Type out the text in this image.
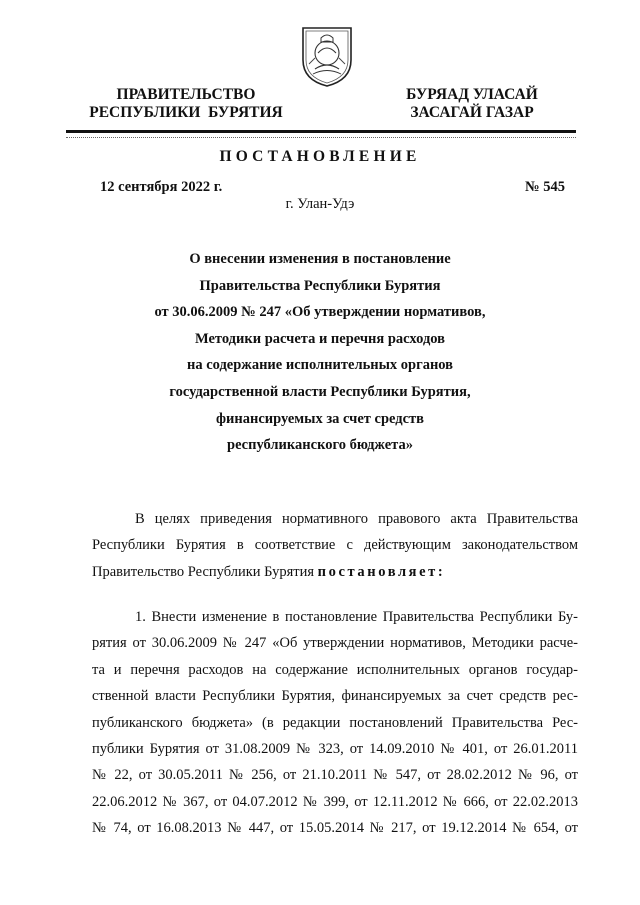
ПРАВИТЕЛЬСТВО
РЕСПУБЛИКИ  БУРЯТИЯ
БУРЯАД УЛАСАЙ
ЗАСАГАЙ ГАЗАР
ПОСТАНОВЛЕНИЕ
12 сентября 2022 г.	№ 545
г. Улан-Удэ
О внесении изменения в постановление
Правительства Республики Бурятия
от 30.06.2009 № 247 «Об утверждении нормативов,
Методики расчета и перечня расходов
на содержание исполнительных органов
государственной власти Республики Бурятия,
финансируемых за счет средств
республиканского бюджета»
В целях приведения нормативного правового акта Правительства
Республики Бурятия в соответствие с действующим законодательством
Правительство Республики Бурятия постановляет:
1. Внести изменение в постановление Правительства Республики Бу-
рятия от 30.06.2009 № 247 «Об утверждении нормативов, Методики расче-
та и перечня расходов на содержание исполнительных органов государ-
ственной власти Республики Бурятия, финансируемых за счет средств рес-
публиканского бюджета» (в редакции постановлений Правительства Рес-
публики Бурятия от 31.08.2009 № 323, от 14.09.2010 № 401, от 26.01.2011
№ 22, от 30.05.2011 № 256, от 21.10.2011 № 547, от 28.02.2012 № 96, от
22.06.2012 № 367, от 04.07.2012 № 399, от 12.11.2012 № 666, от 22.02.2013
№ 74, от 16.08.2013 № 447, от 15.05.2014 № 217, от 19.12.2014 № 654, от
